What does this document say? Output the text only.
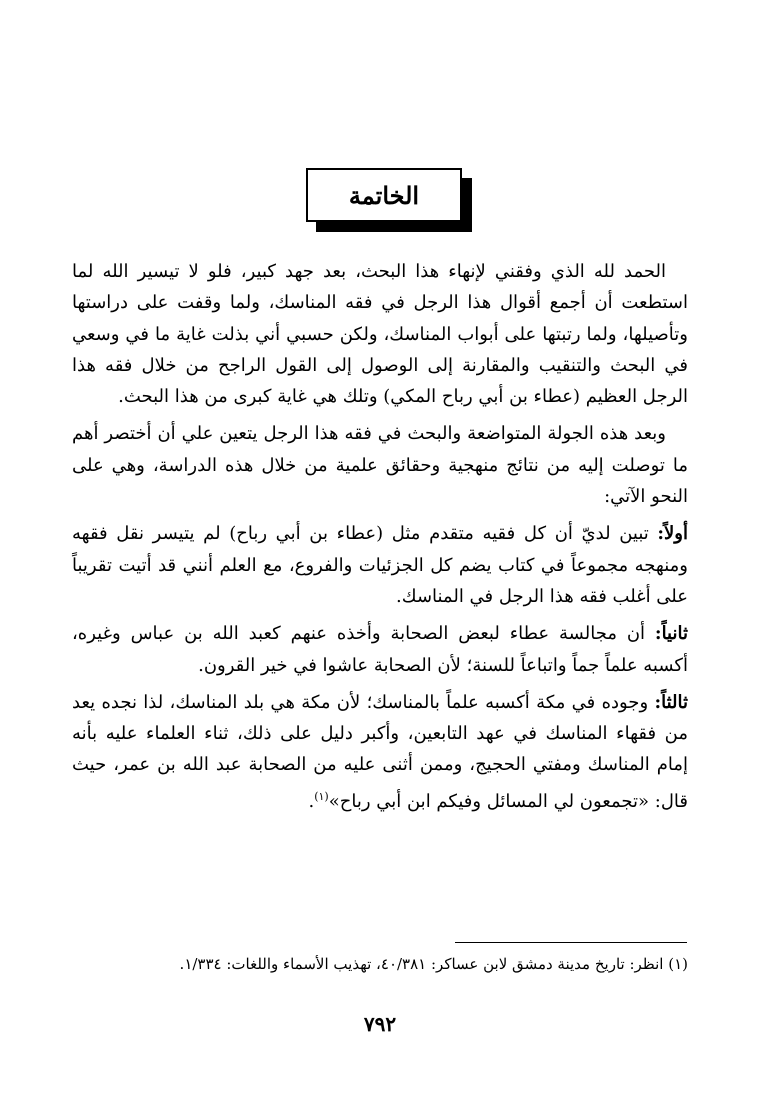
الخاتمة

الحمد لله الذي وفقني لإنهاء هذا البحث، بعد جهد كبير، فلو لا تيسير الله لما استطعت أن أجمع أقوال هذا الرجل في فقه المناسك، ولما وقفت على دراستها وتأصيلها، ولما رتبتها على أبواب المناسك، ولكن حسبي أني بذلت غاية ما في وسعي في البحث والتنقيب والمقارنة إلى الوصول إلى القول الراجح من خلال فقه هذا الرجل العظيم (عطاء بن أبي رباح المكي) وتلك هي غاية كبرى من هذا البحث.

وبعد هذه الجولة المتواضعة والبحث في فقه هذا الرجل يتعين علي أن أختصر أهم ما توصلت إليه من نتائج منهجية وحقائق علمية من خلال هذه الدراسة، وهي على النحو الآتي:

أولاً: تبين لديّ أن كل فقيه متقدم مثل (عطاء بن أبي رباح) لم يتيسر نقل فقهه ومنهجه مجموعاً في كتاب يضم كل الجزئيات والفروع، مع العلم أنني قد أتيت تقريباً على أغلب فقه هذا الرجل في المناسك.

ثانياً: أن مجالسة عطاء لبعض الصحابة وأخذه عنهم كعبد الله بن عباس وغيره، أكسبه علماً جماً واتباعاً للسنة؛ لأن الصحابة عاشوا في خير القرون.

ثالثاً: وجوده في مكة أكسبه علماً بالمناسك؛ لأن مكة هي بلد المناسك، لذا نجده يعد من فقهاء المناسك في عهد التابعين، وأكبر دليل على ذلك، ثناء العلماء عليه بأنه إمام المناسك ومفتي الحجيج، وممن أثنى عليه من الصحابة عبد الله بن عمر، حيث قال: «تجمعون لي المسائل وفيكم ابن أبي رباح»$^{(١)}$.

(١) انظر: تاريخ مدينة دمشق لابن عساكر: ٤٠/٣٨١، تهذيب الأسماء واللغات: ١/٣٣٤.
٧٩٢
